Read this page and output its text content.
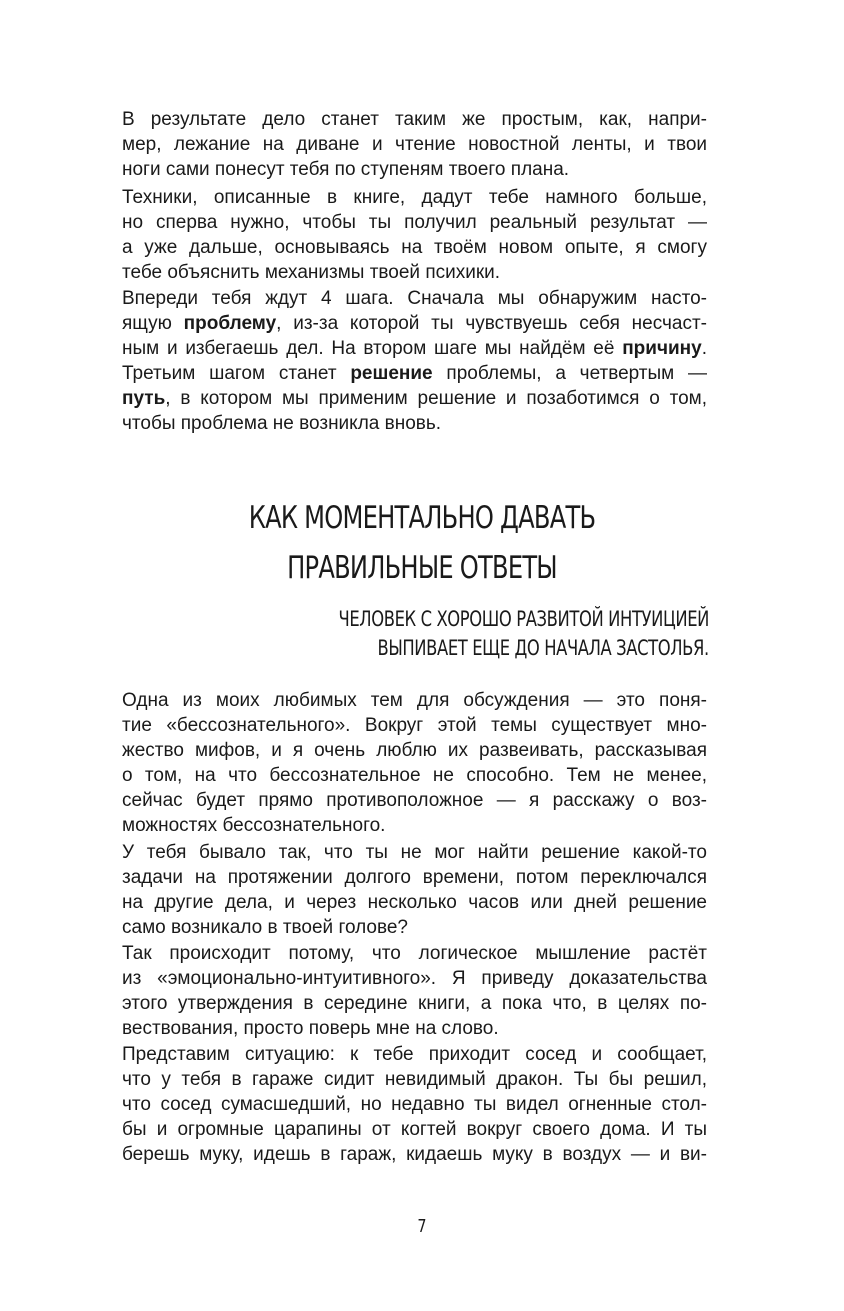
В результате дело станет таким же простым, как, напри-
мер, лежание на диване и чтение новостной ленты, и твои
ноги сами понесут тебя по ступеням твоего плана.

Техники, описанные в книге, дадут тебе намного больше,
но сперва нужно, чтобы ты получил реальный результат —
а уже дальше, основываясь на твоём новом опыте, я смогу
тебе объяснить механизмы твоей психики.

Впереди тебя ждут 4 шага. Сначала мы обнаружим насто-
ящую проблему, из-за которой ты чувствуешь себя несчаст-
ным и избегаешь дел. На втором шаге мы найдём её причину.
Третьим шагом станет решение проблемы, а четвертым —
путь, в котором мы применим решение и позаботимся о том,
чтобы проблема не возникла вновь.

КАК МОМЕНТАЛЬНО ДАВАТЬ
ПРАВИЛЬНЫЕ ОТВЕТЫ
ЧЕЛОВЕК С ХОРОШО РАЗВИТОЙ ИНТУИЦИЕЙ
ВЫПИВАЕТ ЕЩЕ ДО НАЧАЛА ЗАСТОЛЬЯ.

Одна из моих любимых тем для обсуждения — это поня-
тие «бессознательного». Вокруг этой темы существует мно-
жество мифов, и я очень люблю их развеивать, рассказывая
о том, на что бессознательное не способно. Тем не менее,
сейчас будет прямо противоположное — я расскажу о воз-
можностях бессознательного.

У тебя бывало так, что ты не мог найти решение какой-то
задачи на протяжении долгого времени, потом переключался
на другие дела, и через несколько часов или дней решение
само возникало в твоей голове?

Так происходит потому, что логическое мышление растёт
из «эмоционально-интуитивного». Я приведу доказательства
этого утверждения в середине книги, а пока что, в целях по-
вествования, просто поверь мне на слово.

Представим ситуацию: к тебе приходит сосед и сообщает,
что у тебя в гараже сидит невидимый дракон. Ты бы решил,
что сосед сумасшедший, но недавно ты видел огненные стол-
бы и огромные царапины от когтей вокруг своего дома. И ты
берешь муку, идешь в гараж, кидаешь муку в воздух — и ви-

7
